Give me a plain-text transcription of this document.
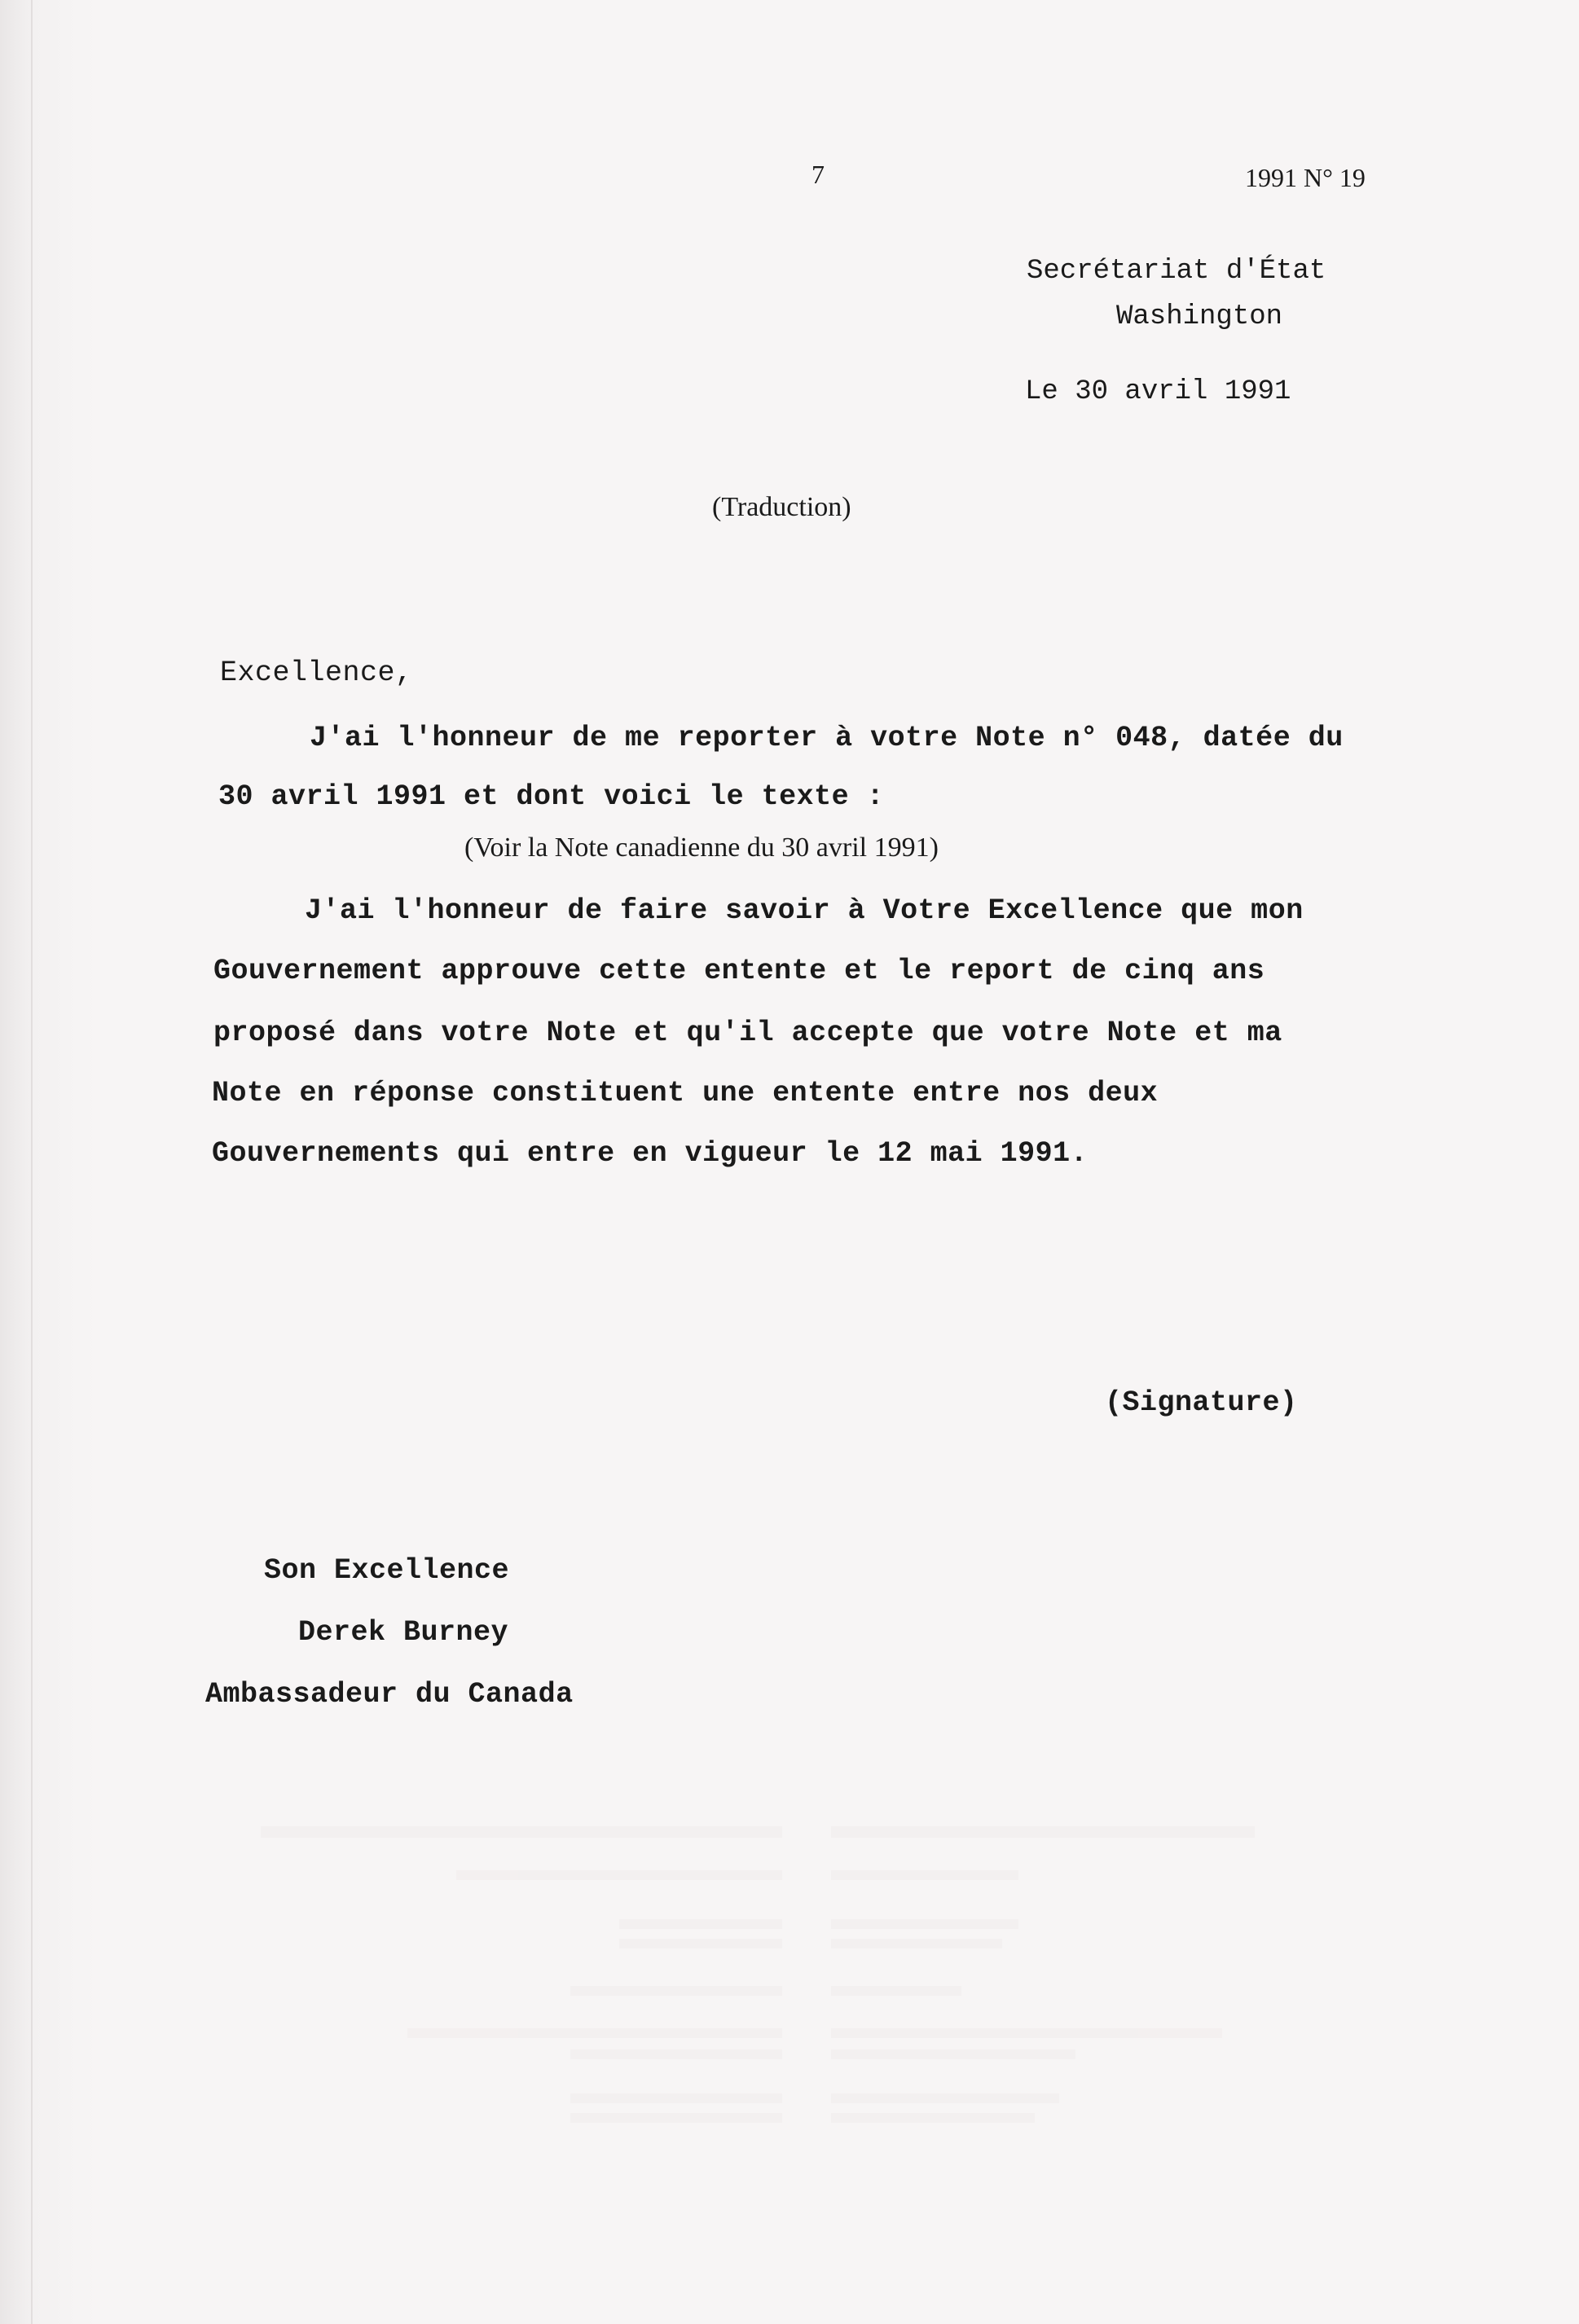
7	1991 N° 19
Secrétariat d'État
Washington
Le 30 avril 1991
(Traduction)
Excellence,
J'ai l'honneur de me reporter à votre Note n° 048, datée du
30 avril 1991 et dont voici le texte :
(Voir la Note canadienne du 30 avril 1991)
J'ai l'honneur de faire savoir à Votre Excellence que mon
Gouvernement approuve cette entente et le report de cinq ans
proposé dans votre Note et qu'il accepte que votre Note et ma
Note en réponse constituent une entente entre nos deux
Gouvernements qui entre en vigueur le 12 mai 1991.
(Signature)
Son Excellence
Derek Burney
Ambassadeur du Canada
